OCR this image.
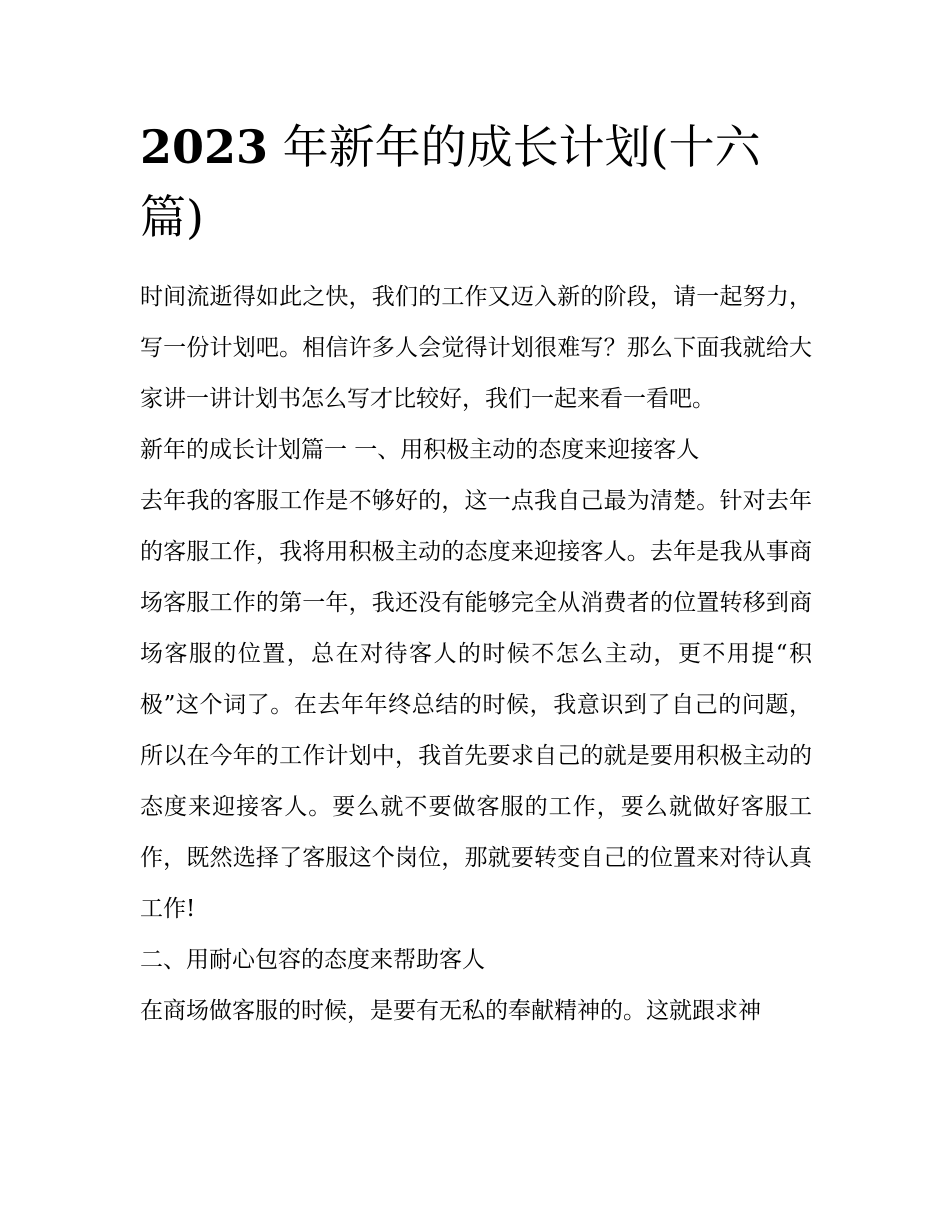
2023 年新年的成长计划(十六篇)

时间流逝得如此之快，我们的工作又迈入新的阶段，请一起努力，写一份计划吧。相信许多人会觉得计划很难写？那么下面我就给大家讲一讲计划书怎么写才比较好，我们一起来看一看吧。

新年的成长计划篇一 一、用积极主动的态度来迎接客人

去年我的客服工作是不够好的，这一点我自己最为清楚。针对去年的客服工作，我将用积极主动的态度来迎接客人。去年是我从事商场客服工作的第一年，我还没有能够完全从消费者的位置转移到商场客服的位置，总在对待客人的时候不怎么主动，更不用提“积极”这个词了。在去年年终总结的时候，我意识到了自己的问题，所以在今年的工作计划中，我首先要求自己的就是要用积极主动的态度来迎接客人。要么就不要做客服的工作，要么就做好客服工作，既然选择了客服这个岗位，那就要转变自己的位置来对待认真工作!

二、用耐心包容的态度来帮助客人

在商场做客服的时候，是要有无私的奉献精神的。这就跟求神
